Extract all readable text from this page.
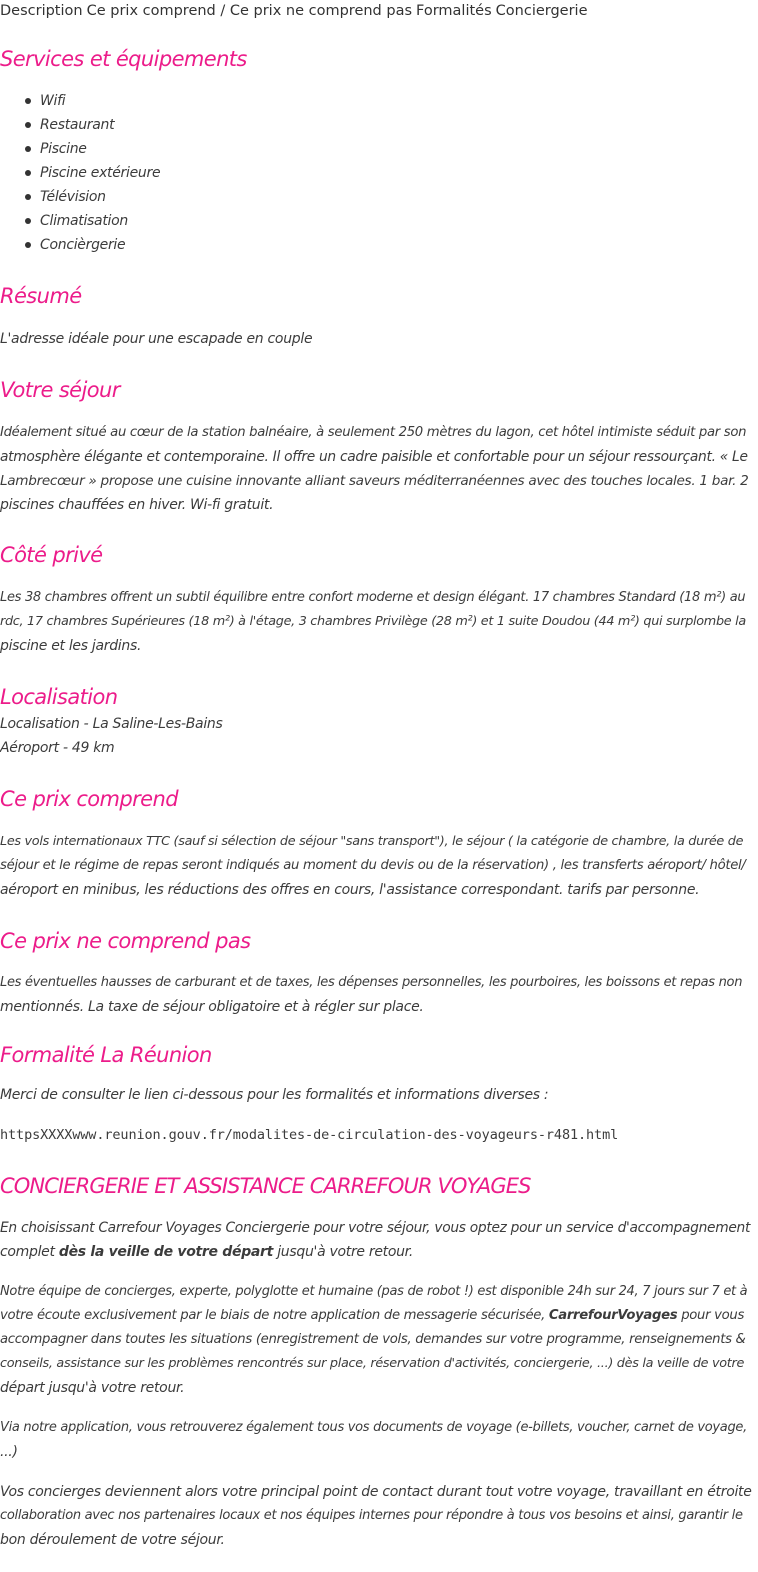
Description Ce prix comprend / Ce prix ne comprend pas Formalités Conciergerie
Services et équipements
Wifi
Restaurant
Piscine
Piscine extérieure
Télévision
Climatisation
Concièrgerie
Résumé

L'adresse idéale pour une escapade en couple

Votre séjour
Idéalement situé au cœur de la station balnéaire, à seulement 250 mètres du lagon, cet hôtel intimiste séduit par son
atmosphère élégante et contemporaine. Il offre un cadre paisible et confortable pour un séjour ressourçant. « Le
Lambrecœur » propose une cuisine innovante alliant saveurs méditerranéennes avec des touches locales. 1 bar. 2
piscines chauffées en hiver. Wi-fi gratuit.
Côté privé
Les 38 chambres offrent un subtil équilibre entre confort moderne et design élégant. 17 chambres Standard (18 m²) au
rdc, 17 chambres Supérieures (18 m²) à l'étage, 3 chambres Privilège (28 m²) et 1 suite Doudou (44 m²) qui surplombe la
piscine et les jardins.
Localisation
Localisation - La Saline-Les-Bains
Aéroport - 49 km
Ce prix comprend
Les vols internationaux TTC (sauf si sélection de séjour "sans transport"), le séjour ( la catégorie de chambre, la durée de
séjour et le régime de repas seront indiqués au moment du devis ou de la réservation) , les transferts aéroport/ hôtel/
aéroport en minibus, les réductions des offres en cours, l'assistance correspondant. tarifs par personne.
Ce prix ne comprend pas
Les éventuelles hausses de carburant et de taxes, les dépenses personnelles, les pourboires, les boissons et repas non
mentionnés. La taxe de séjour obligatoire et à régler sur place.
Formalité La Réunion
Merci de consulter le lien ci-dessous pour les formalités et informations diverses :
httpsXXXXwww.reunion.gouv.fr/modalites-de-circulation-des-voyageurs-r481.html
CONCIERGERIE ET ASSISTANCE CARREFOUR VOYAGES
En choisissant Carrefour Voyages Conciergerie pour votre séjour, vous optez pour un service d'accompagnement
complet dès la veille de votre départ jusqu'à votre retour.
Notre équipe de concierges, experte, polyglotte et humaine (pas de robot !) est disponible 24h sur 24, 7 jours sur 7 et à
votre écoute exclusivement par le biais de notre application de messagerie sécurisée, CarrefourVoyages pour vous
accompagner dans toutes les situations (enregistrement de vols, demandes sur votre programme, renseignements &
conseils, assistance sur les problèmes rencontrés sur place, réservation d'activités, conciergerie, ...) dès la veille de votre
départ jusqu'à votre retour.
Via notre application, vous retrouverez également tous vos documents de voyage (e-billets, voucher, carnet de voyage,
...)
Vos concierges deviennent alors votre principal point de contact durant tout votre voyage, travaillant en étroite
collaboration avec nos partenaires locaux et nos équipes internes pour répondre à tous vos besoins et ainsi, garantir le
bon déroulement de votre séjour.
